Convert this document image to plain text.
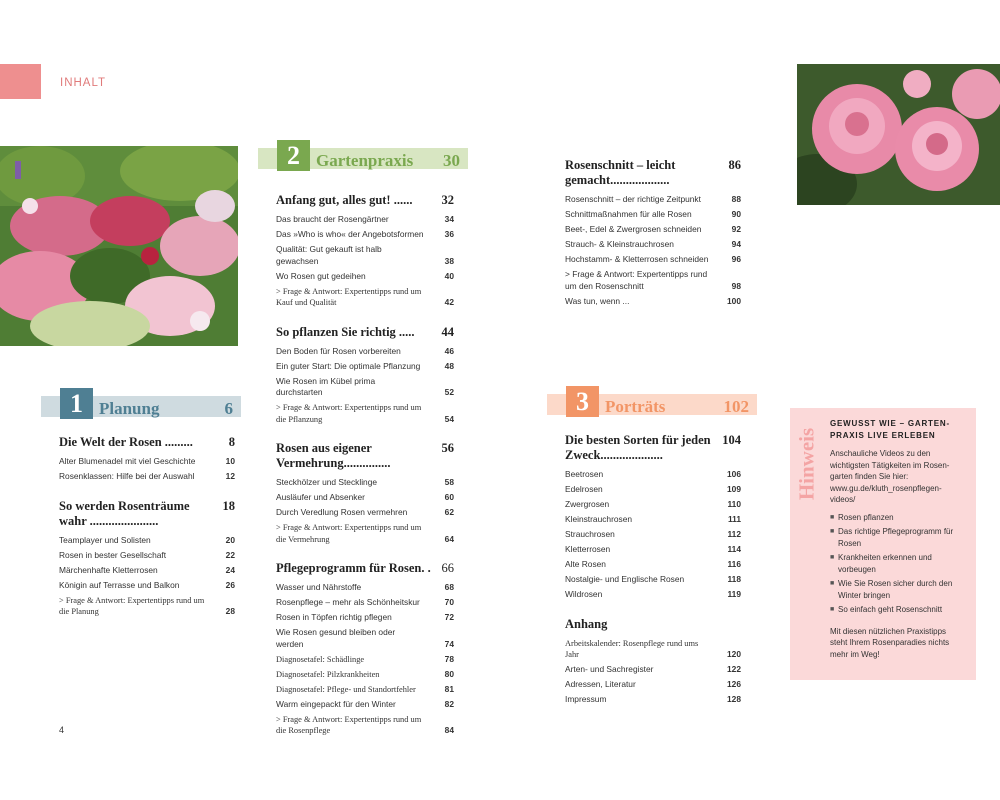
INHALT
1 Planung	6
Die Welt der Rosen .........	8
Alter Blumenadel mit viel Geschichte	10
Rosenklassen: Hilfe bei der Auswahl	12
So werden Rosenträume wahr ......................
18
Teamplayer und Solisten	20
Rosen in bester Gesellschaft	22
Märchenhafte Kletterrosen	24
Königin auf Terrasse und Balkon	26
> Frage & Antwort: Expertentipps rund um die Planung	28
2 Gartenpraxis 30
Anfang gut, alles gut! ......	32
Das braucht der Rosengärtner	34
Das »Who is who« der Angebotsformen	36
Qualität: Gut gekauft ist halb gewachsen	38
Wo Rosen gut gedeihen	40
> Frage & Antwort: Expertentipps rund um Kauf und Qualität	42
So pflanzen Sie richtig .....	44
Den Boden für Rosen vorbereiten	46
Ein guter Start: Die optimale Pflanzung	48
Wie Rosen im Kübel prima durchstarten	52
> Frage & Antwort: Expertentipps rund um die Pflanzung	54
Rosen aus eigener Vermehrung...............
56
Steckhölzer und Stecklinge	58
Ausläufer und Absenker	60
Durch Veredlung Rosen vermehren	62
> Frage & Antwort: Expertentipps rund um die Vermehrung	64
Pflegeprogramm für Rosen. . 66
Wasser und Nährstoffe	68
Rosenpflege – mehr als Schönheitskur	70
Rosen in Töpfen richtig pflegen	72
Wie Rosen gesund bleiben oder werden	74
Diagnosetafel: Schädlinge	78
Diagnosetafel: Pilzkrankheiten	80
Diagnosetafel: Pflege- und Standortfehler	81
Warm eingepackt für den Winter	82
> Frage & Antwort: Expertentipps rund um die Rosenpflege	84
Rosenschnitt – leicht gemacht...................
86
Rosenschnitt – der richtige Zeitpunkt	88
Schnittmaßnahmen für alle Rosen	90
Beet-, Edel & Zwergrosen schneiden	92
Strauch- & Kleinstrauchrosen	94
Hochstamm- & Kletterrosen schneiden	96
> Frage & Antwort: Expertentipps rund um den Rosenschnitt	98
Was tun, wenn ...	100
3 Porträts	102
Die besten Sorten für jeden Zweck....................
104
Beetrosen	106
Edelrosen	109
Zwergrosen	110
Kleinstrauchrosen	111
Strauchrosen	112
Kletterrosen	114
Alte Rosen	116
Nostalgie- und Englische Rosen	118
Wildrosen	119
Anhang
Arbeitskalender: Rosenpflege rund ums Jahr	120
Arten- und Sachregister	122
Adressen, Literatur	126
Impressum	128
Hinweis
GEWUSST WIE – GARTEN-PRAXIS LIVE ERLEBEN
Anschauliche Videos zu den wichtigsten Tätigkeiten im Rosen-garten finden Sie hier: www.gu.de/kluth_rosenpflegen-videos/
■ Rosen pflanzen
■ Das richtige Pflegeprogramm für Rosen
■ Krankheiten erkennen und vorbeugen
■ Wie Sie Rosen sicher durch den Winter bringen
■ So einfach geht Rosenschnitt
Mit diesen nützlichen Praxistipps steht Ihrem Rosenparadies nichts mehr im Weg!
4
